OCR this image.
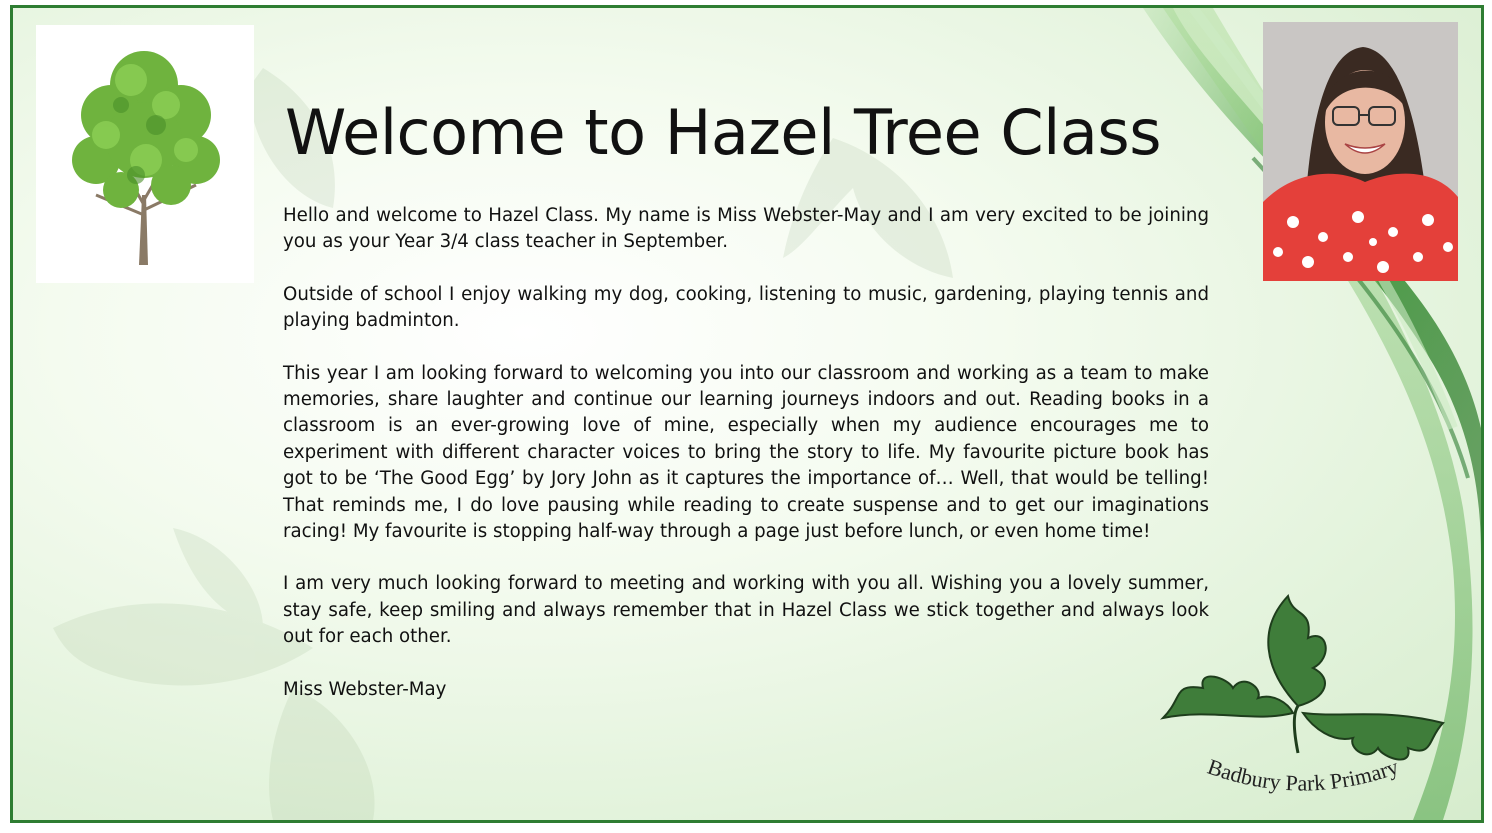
Welcome to Hazel Tree Class

Hello and welcome to Hazel Class. My name is Miss Webster-May and I am very excited to be joining you as your Year 3/4 class teacher in September.

Outside of school I enjoy walking my dog, cooking, listening to music, gardening, playing tennis and playing badminton.

This year I am looking forward to welcoming you into our classroom and working as a team to make memories, share laughter and continue our learning journeys indoors and out. Reading books in a classroom is an ever-growing love of mine, especially when my audience encourages me to experiment with different character voices to bring the story to life. My favourite picture book has got to be ‘The Good Egg’ by Jory John as it captures the importance of… Well, that would be telling! That reminds me, I do love pausing while reading to create suspense and to get our imaginations racing! My favourite is stopping half-way through a page just before lunch, or even home time!

I am very much looking forward to meeting and working with you all. Wishing you a lovely summer, stay safe, keep smiling and always remember that in Hazel Class we stick together and always look out for each other.

Miss Webster-May

Badbury Park Primary
